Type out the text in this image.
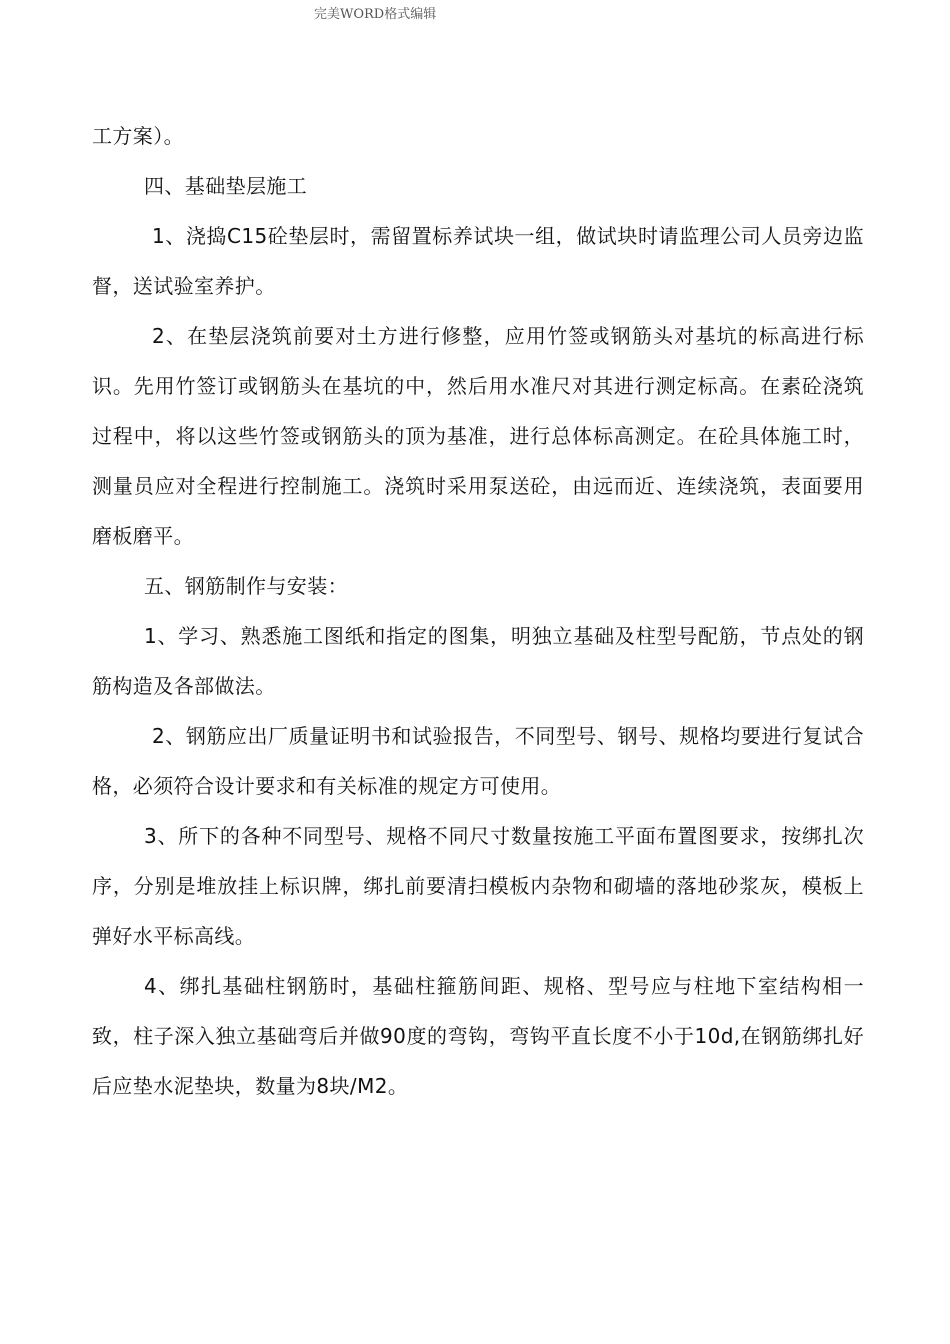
完美WORD格式编辑

工方案）。

四、基础垫层施工

1、浇捣C15砼垫层时，需留置标养试块一组，做试块时请监理公司人员旁边监督，送试验室养护。

2、在垫层浇筑前要对土方进行修整，应用竹签或钢筋头对基坑的标高进行标识。先用竹签订或钢筋头在基坑的中，然后用水准尺对其进行测定标高。在素砼浇筑过程中，将以这些竹签或钢筋头的顶为基准，进行总体标高测定。在砼具体施工时，测量员应对全程进行控制施工。浇筑时采用泵送砼，由远而近、连续浇筑，表面要用磨板磨平。

五、钢筋制作与安装：

1、学习、熟悉施工图纸和指定的图集，明独立基础及柱型号配筋，节点处的钢筋构造及各部做法。

2、钢筋应出厂质量证明书和试验报告，不同型号、钢号、规格均要进行复试合格，必须符合设计要求和有关标准的规定方可使用。

3、所下的各种不同型号、规格不同尺寸数量按施工平面布置图要求，按绑扎次序，分别是堆放挂上标识牌，绑扎前要清扫模板内杂物和砌墙的落地砂浆灰，模板上弹好水平标高线。

4、绑扎基础柱钢筋时，基础柱箍筋间距、规格、型号应与柱地下室结构相一致，柱子深入独立基础弯后并做90度的弯钩，弯钩平直长度不小于10d,在钢筋绑扎好后应垫水泥垫块，数量为8块/M2。
